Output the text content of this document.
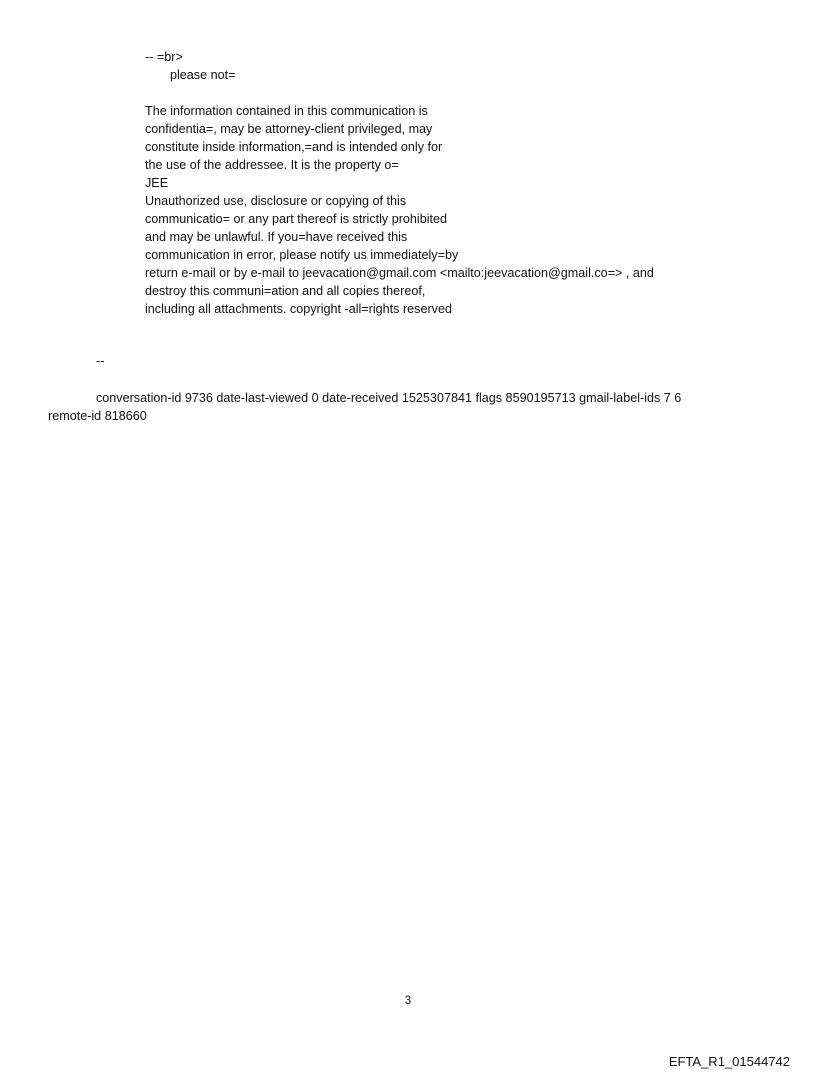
-- =br>
please not=
The information contained in this communication is
confidentia=, may be attorney-client privileged, may
constitute inside information,=and is intended only for
the use of the addressee. It is the property o=
JEE
Unauthorized use, disclosure or copying of this
communicatio= or any part thereof is strictly prohibited
and may be unlawful. If you=have received this
communication in error, please notify us immediately=by
return e-mail or by e-mail to jeevacation@gmail.com <mailto:jeevacation@gmail.co=> , and
destroy this communi=ation and all copies thereof,
including all attachments. copyright -all=rights reserved
--
conversation-id 9736 date-last-viewed 0 date-received 1525307841 flags 8590195713 gmail-label-ids 7 6
remote-id 818660
3
EFTA_R1_01544742
